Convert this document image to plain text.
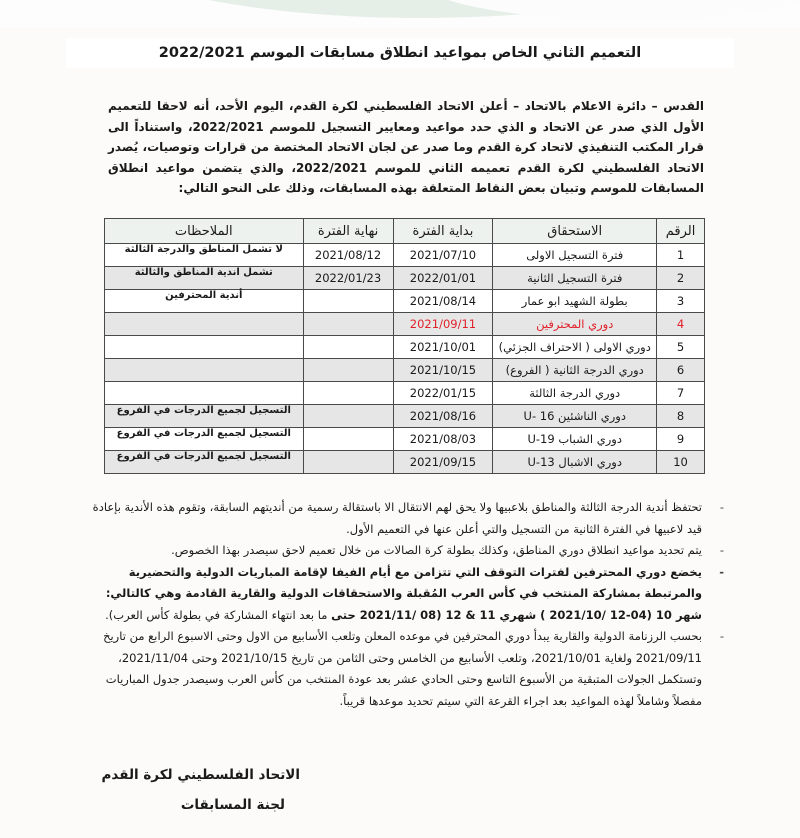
التعميم الثاني الخاص بمواعيد انطلاق مسابقات الموسم 2022/2021

القدس – دائرة الاعلام بالاتحاد – أعلن الاتحاد الفلسطيني لكرة القدم، اليوم الأحد، أنه لاحقا للتعميم الأول الذي صدر عن الاتحاد و الذي حدد مواعيد ومعايير التسجيل للموسم 2022/2021، واستناداً الى قرار المكتب التنفيذي لاتحاد كرة القدم وما صدر عن لجان الاتحاد المختصة من قرارات وتوصيات، يُصدر الاتحاد الفلسطيني لكرة القدم تعميمه الثاني للموسم 2022/2021، والذي يتضمن مواعيد انطلاق المسابقات للموسم وتبيان بعض النقاط المتعلقة بهذه المسابقات، وذلك على النحو التالي:

الرقم	الاستحقاق	بداية الفترة	نهاية الفترة	الملاحظات
1	فترة التسجيل الاولى	2021/07/10	2021/08/12	لا تشمل المناطق والدرجة الثالثة
2	فترة التسجيل الثانية	2022/01/01	2022/01/23	تشمل اندية المناطق والثالثة
3	بطولة الشهيد ابو عمار	2021/08/14		أندية المحترفين
4	دوري المحترفين	2021/09/11		
5	دوري الاولى ( الاحتراف الجزئي)	2021/10/01		
6	دوري الدرجة الثانية ( الفروع)	2021/10/15		
7	دوري الدرجة الثالثة	2022/01/15		
8	دوري الناشئين 16 -U	2021/08/16		التسجيل لجميع الدرجات في الفروع
9	دوري الشباب 19-U	2021/08/03		التسجيل لجميع الدرجات في الفروع
10	دوري الاشبال 13-U	2021/09/15		التسجيل لجميع الدرجات في الفروع
-
تحتفظ أندية الدرجة الثالثة والمناطق بلاعبيها ولا يحق لهم الانتقال الا باستقالة رسمية من أنديتهم السابقة، وتقوم هذه الأندية بإعادة قيد لاعبيها في الفترة الثانية من التسجيل والتي أعلن عنها في التعميم الأول.
-
يتم تحديد مواعيد انطلاق دوري المناطق، وكذلك بطولة كرة الصالات من خلال تعميم لاحق سيصدر بهذا الخصوص.
-
يخضع دوري المحترفين لفترات التوقف التي تتزامن مع أيام الفيفا لإقامة المباريات الدولية والتحضيرية والمرتبطة بمشاركة المنتخب في كأس العرب المُقبلة والاستحقاقات الدولية والقارية القادمة وهي كالتالي:
شهر 10 (04-12 /2021/10 ) شهري 11 & 12 (08 /2021/11 حتى ما بعد انتهاء المشاركة في بطولة كأس العرب).
-
بحسب الرزنامة الدولية والقارية يبدأ دوري المحترفين في موعده المعلن وتلعب الأسابيع من الاول وحتى الاسبوع الرابع من تاريخ 2021/09/11 ولغاية 2021/10/01، وتلعب الأسابيع من الخامس وحتى الثامن من تاريخ 2021/10/15 وحتى 2021/11/04، وتستكمل الجولات المتبقية من الأسبوع التاسع وحتى الحادي عشر بعد عودة المنتخب من كأس العرب وسيصدر جدول المباريات مفصلاً وشاملاً لهذه المواعيد بعد اجراء القرعة التي سيتم تحديد موعدها قريباً.
الاتحاد الفلسطيني لكرة القدم
لجنة المسابقات
